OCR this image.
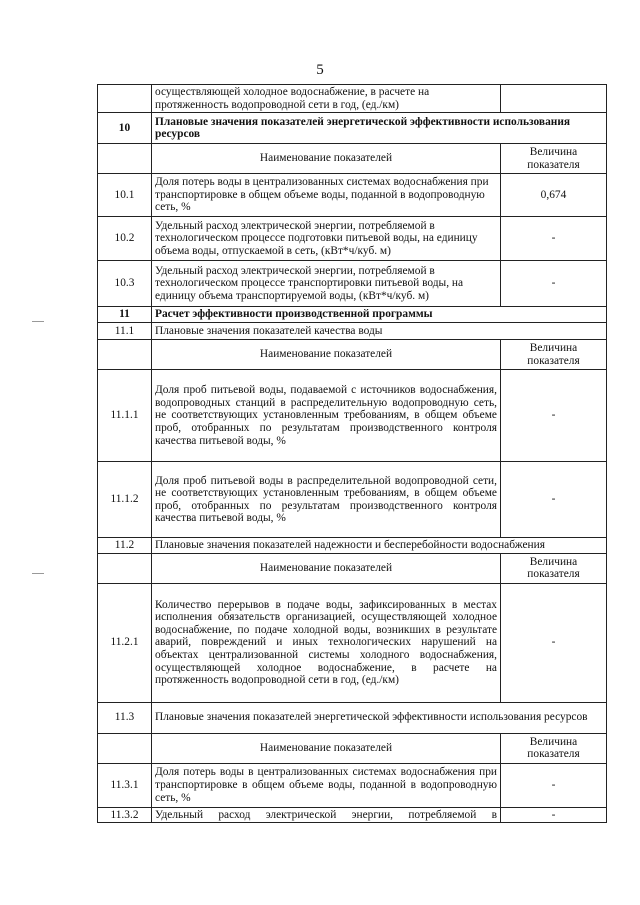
5
	осуществляющей холодное водоснабжение, в расчете на протяженность водопроводной сети в год, (ед./км)	
10	Плановые значения показателей энергетической эффективности использования ресурсов	
	Наименование показателей	Величина показателя
10.1	Доля потерь воды в централизованных системах водоснабжения при транспортировке в общем объеме воды, поданной в водопроводную сеть, %	0,674
10.2	Удельный расход электрической энергии, потребляемой в технологическом процессе подготовки питьевой воды, на единицу объема воды, отпускаемой в сеть, (кВт*ч/куб. м)	-
10.3	Удельный расход электрической энергии, потребляемой в технологическом процессе транспортировки питьевой воды, на единицу объема транспортируемой воды, (кВт*ч/куб. м)	-
11	Расчет эффективности производственной программы	
11.1	Плановые значения показателей качества воды	
	Наименование показателей	Величина показателя
11.1.1	Доля проб питьевой воды, подаваемой с источников водоснабжения, водопроводных станций в распределительную водопроводную сеть, не соответствующих установленным требованиям, в общем объеме проб, отобранных по результатам производственного контроля качества питьевой воды, %	-
11.1.2	Доля проб питьевой воды в распределительной водопроводной сети, не соответствующих установленным требованиям, в общем объеме проб, отобранных по результатам производственного контроля качества питьевой воды, %	-
11.2	Плановые значения показателей надежности и бесперебойности водоснабжения	
	Наименование показателей	Величина показателя
11.2.1	Количество перерывов в подаче воды, зафиксированных в местах исполнения обязательств организацией, осуществляющей холодное водоснабжение, по подаче холодной воды, возникших в результате аварий, повреждений и иных технологических нарушений на объектах централизованной системы холодного водоснабжения, осуществляющей холодное водоснабжение, в расчете на протяженность водопроводной сети в год, (ед./км)	-
11.3	Плановые значения показателей энергетической эффективности использования ресурсов	
	Наименование показателей	Величина показателя
11.3.1	Доля потерь воды в централизованных системах водоснабжения при транспортировке в общем объеме воды, поданной в водопроводную сеть, %	-
11.3.2	Удельный расход электрической энергии, потребляемой в	-
